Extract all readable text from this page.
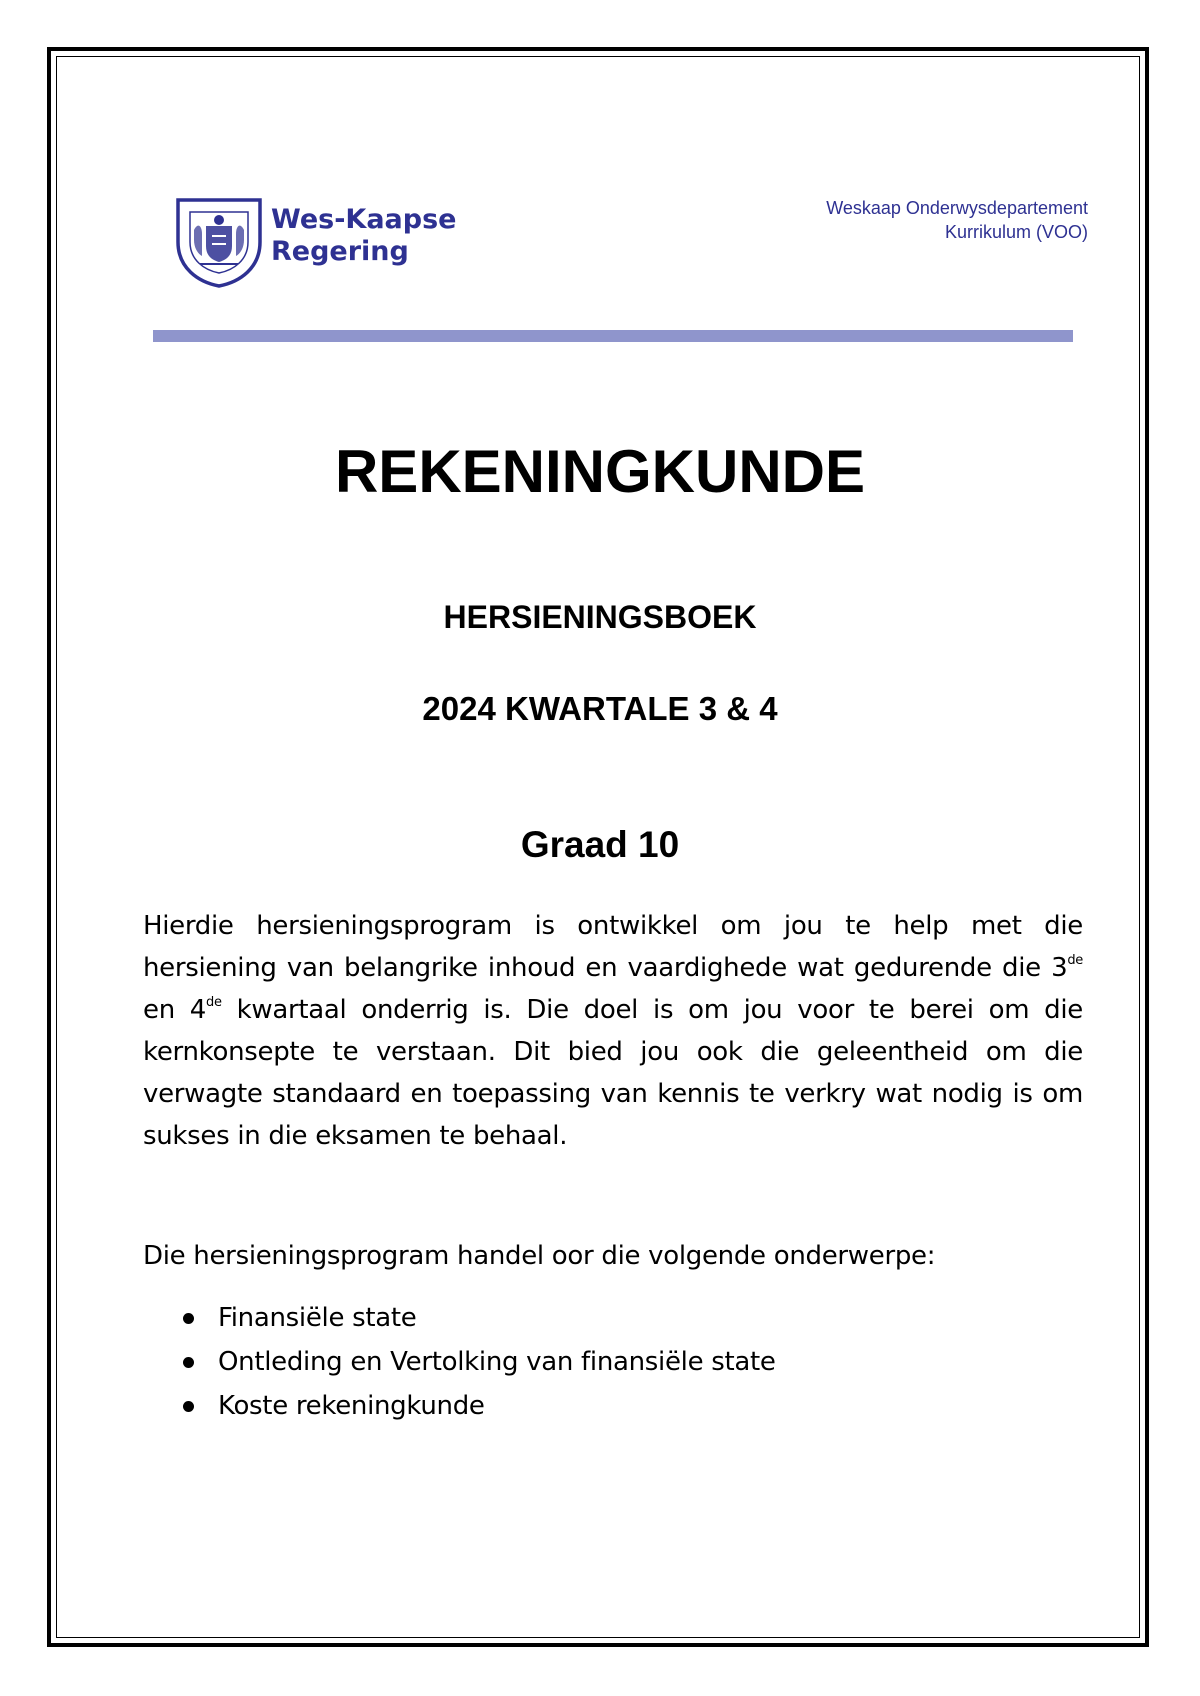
Wes-Kaapse
Regering
Weskaap Onderwysdepartement
Kurrikulum (VOO)
REKENINGKUNDE
HERSIENINGSBOEK
2024 KWARTALE 3 & 4
Graad 10
Hierdie hersieningsprogram is ontwikkel om jou te help met die hersiening van belangrike inhoud en vaardighede wat gedurende die 3de en 4de kwartaal onderrig is. Die doel is om jou voor te berei om die kernkonsepte te verstaan. Dit bied jou ook die geleentheid om die verwagte standaard en toepassing van kennis te verkry wat nodig is om sukses in die eksamen te behaal.
Die hersieningsprogram handel oor die volgende onderwerpe:
Finansiële state
Ontleding en Vertolking van finansiële state
Koste rekeningkunde
